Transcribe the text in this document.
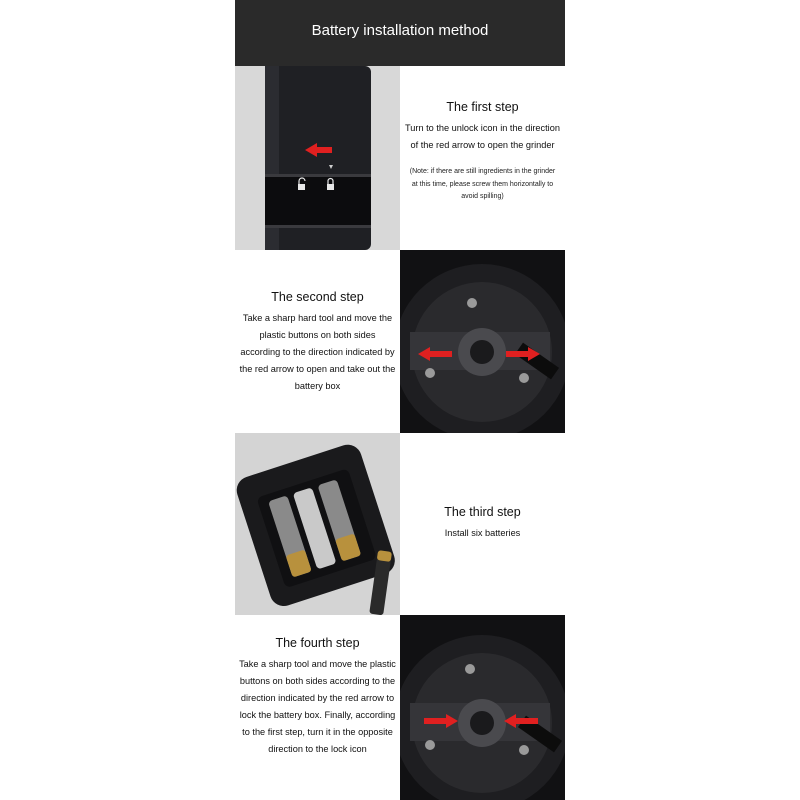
Battery installation method
The first step
Turn to the unlock icon in the direction of the red arrow to open the grinder
(Note: if there are still ingredients in the grinder at this time, please screw them horizontally to avoid spilling)
The second step
Take a sharp hard tool and move the plastic buttons on both sides according to the direction indicated by the red arrow to open and take out the battery box
The third step
Install six batteries
The fourth step
Take a sharp tool and move the plastic buttons on both sides according to the direction indicated by the red arrow to lock the battery box. Finally, according to the first step, turn it in the opposite direction to the lock icon
